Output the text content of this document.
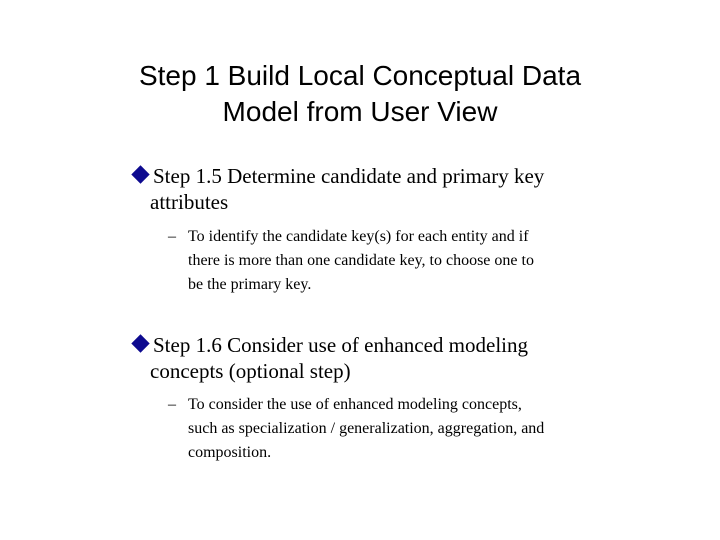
Step 1 Build Local Conceptual Data
Model from User View
Step 1.5 Determine candidate and primary key
attributes
– To identify the candidate key(s) for each entity and if
there is more than one candidate key, to choose one to
be the primary key.
Step 1.6 Consider use of enhanced modeling
concepts (optional step)
– To consider the use of enhanced modeling concepts,
such as specialization / generalization, aggregation, and
composition.
